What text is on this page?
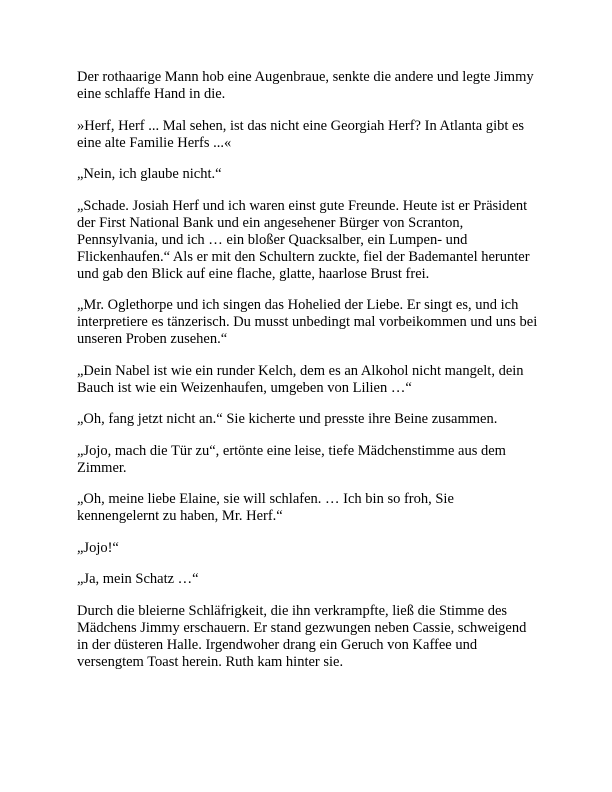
Der rothaarige Mann hob eine Augenbraue, senkte die andere und legte Jimmy eine schlaffe Hand in die.

»Herf, Herf ... Mal sehen, ist das nicht eine Georgiah Herf? In Atlanta gibt es eine alte Familie Herfs ...«

„Nein, ich glaube nicht.“

„Schade. Josiah Herf und ich waren einst gute Freunde. Heute ist er Präsident der First National Bank und ein angesehener Bürger von Scranton, Pennsylvania, und ich … ein bloßer Quacksalber, ein Lumpen- und Flickenhaufen.“ Als er mit den Schultern zuckte, fiel der Bademantel herunter und gab den Blick auf eine flache, glatte, haarlose Brust frei.

„Mr. Oglethorpe und ich singen das Hohelied der Liebe. Er singt es, und ich interpretiere es tänzerisch. Du musst unbedingt mal vorbeikommen und uns bei unseren Proben zusehen.“

„Dein Nabel ist wie ein runder Kelch, dem es an Alkohol nicht mangelt, dein Bauch ist wie ein Weizenhaufen, umgeben von Lilien …“

„Oh, fang jetzt nicht an.“ Sie kicherte und presste ihre Beine zusammen.

„Jojo, mach die Tür zu“, ertönte eine leise, tiefe Mädchenstimme aus dem Zimmer.

„Oh, meine liebe Elaine, sie will schlafen. … Ich bin so froh, Sie kennengelernt zu haben, Mr. Herf.“

„Jojo!“

„Ja, mein Schatz …“

Durch die bleierne Schläfrigkeit, die ihn verkrampfte, ließ die Stimme des Mädchens Jimmy erschauern. Er stand gezwungen neben Cassie, schweigend in der düsteren Halle. Irgendwoher drang ein Geruch von Kaffee und versengtem Toast herein. Ruth kam hinter sie.
